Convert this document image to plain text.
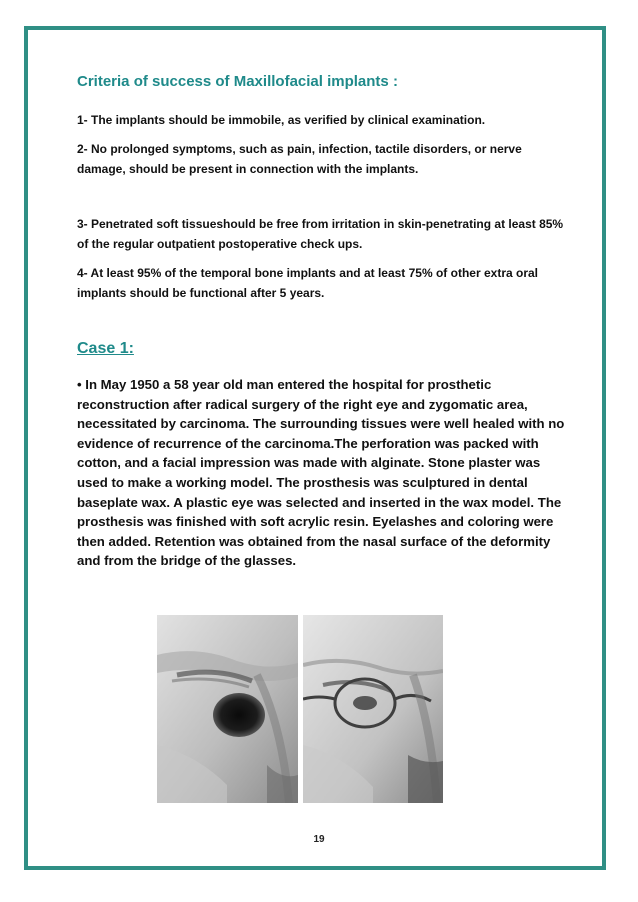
Criteria of success of Maxillofacial implants :

1- The implants should be immobile, as verified by clinical examination.

2- No prolonged symptoms, such as pain, infection, tactile disorders, or nerve damage, should be present in connection with the implants.

3- Penetrated soft tissueshould be free from irritation in skin-penetrating at least 85% of the regular outpatient postoperative check ups.

4- At least 95% of the temporal bone implants and at least 75% of other extra oral implants should be functional after 5 years.

Case 1:

• In May 1950 a 58 year old man entered the hospital for prosthetic reconstruction after radical surgery of the right eye and zygomatic area, necessitated by carcinoma. The surrounding tissues were well healed with no evidence of recurrence of the carcinoma.The perforation was packed with cotton, and a facial impression was made with alginate. Stone plaster was used to make a working model. The prosthesis was sculptured in dental baseplate wax. A plastic eye was selected and inserted in the wax model. The prosthesis was finished with soft acrylic resin. Eyelashes and coloring were then added. Retention was obtained from the nasal surface of the deformity and from the bridge of the glasses.

19
